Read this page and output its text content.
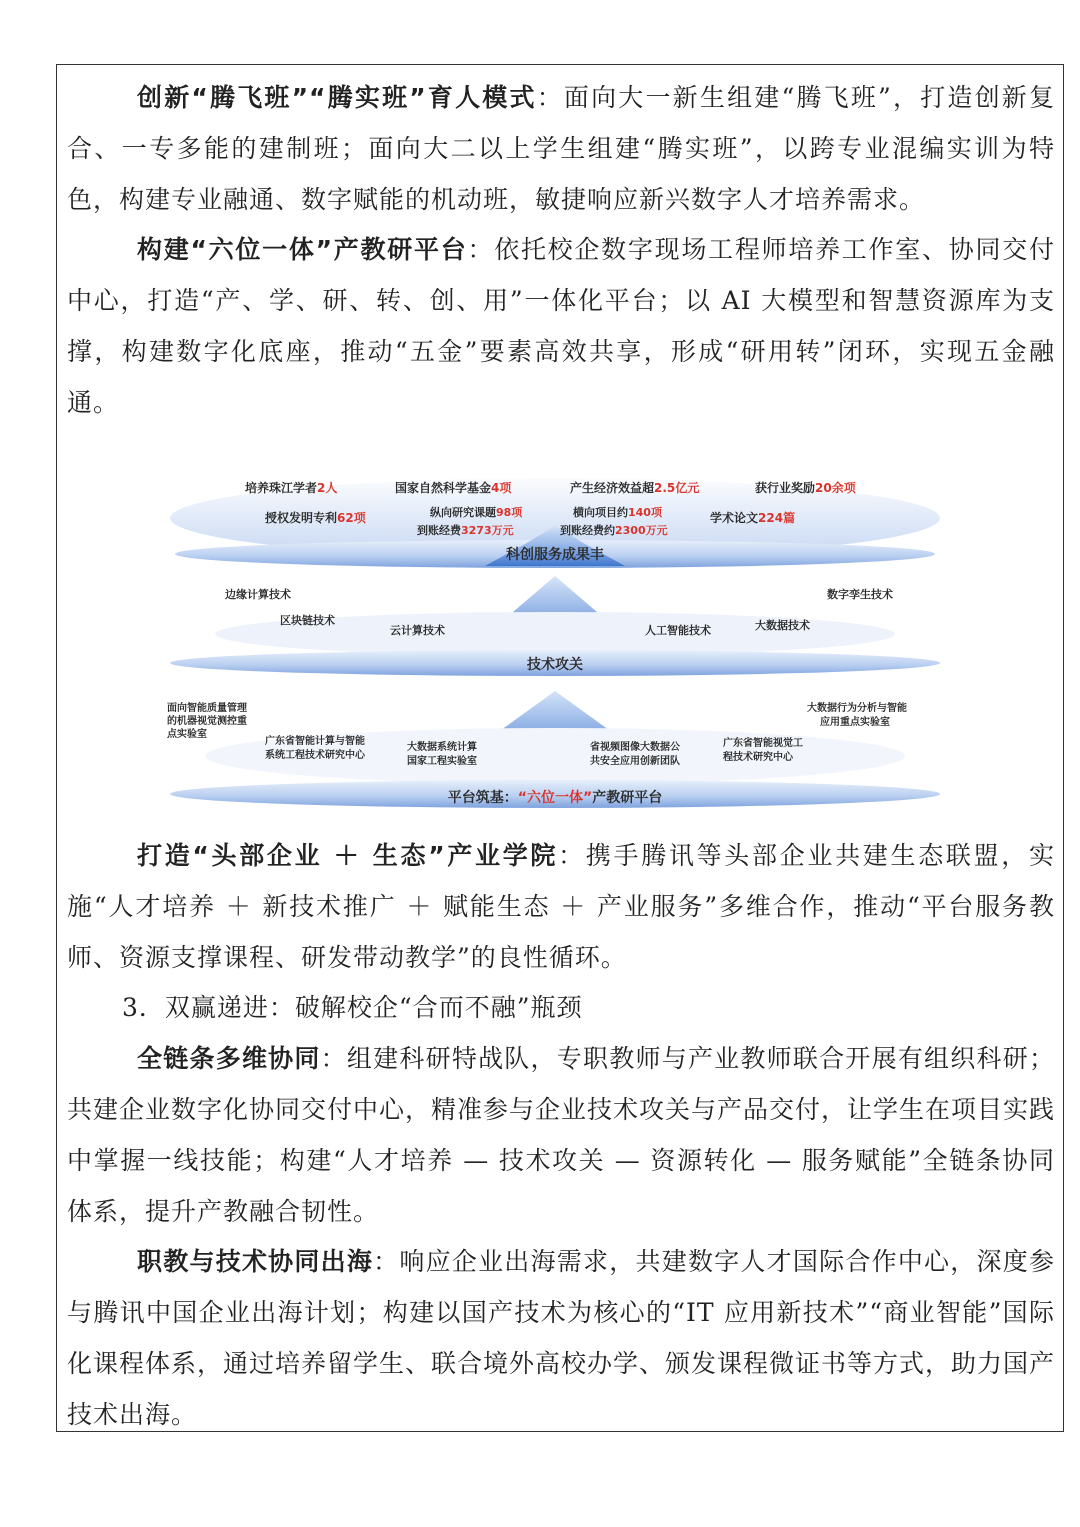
创新“腾飞班”“腾实班”育人模式：面向大一新生组建“腾飞班”，打造创新复合、一专多能的建制班；面向大二以上学生组建“腾实班”，以跨专业混编实训为特色，构建专业融通、数字赋能的机动班，敏捷响应新兴数字人才培养需求。

构建“六位一体”产教研平台：依托校企数字现场工程师培养工作室、协同交付中心，打造“产、学、研、转、创、用”一体化平台；以 AI 大模型和智慧资源库为支撑，构建数字化底座，推动“五金”要素高效共享，形成“研用转”闭环，实现五金融通。

培养珠江学者2人	国家自然科学基金4项	产生经济效益超2.5亿元	获行业奖励20余项
授权发明专利62项	纵向研究课题98项
到账经费3273万元
横向项目约140项
到账经费约2300万元
学术论文224篇
科创服务成果丰
边缘计算技术
区块链技术
云计算技术	人工智能技术	大数据技术
数字孪生技术
技术攻关
面向智能质量管理的机器视觉测控重点实验室
广东省智能计算与智能系统工程技术研究中心
大数据系统计算国家工程实验室
省视频图像大数据公共安全应用创新团队
广东省智能视觉工程技术研究中心
大数据行为分析与智能应用重点实验室
平台筑基：“六位一体”产教研平台

打造“头部企业 ＋ 生态”产业学院：携手腾讯等头部企业共建生态联盟，实施“人才培养 ＋ 新技术推广 ＋ 赋能生态 ＋ 产业服务”多维合作，推动“平台服务教师、资源支撑课程、研发带动教学”的良性循环。

3．双赢递进：破解校企“合而不融”瓶颈

全链条多维协同：组建科研特战队，专职教师与产业教师联合开展有组织科研；共建企业数字化协同交付中心，精准参与企业技术攻关与产品交付，让学生在项目实践中掌握一线技能；构建“人才培养 — 技术攻关 — 资源转化 — 服务赋能”全链条协同体系，提升产教融合韧性。

职教与技术协同出海：响应企业出海需求，共建数字人才国际合作中心，深度参与腾讯中国企业出海计划；构建以国产技术为核心的“IT 应用新技术”“商业智能”国际化课程体系，通过培养留学生、联合境外高校办学、颁发课程微证书等方式，助力国产技术出海。
